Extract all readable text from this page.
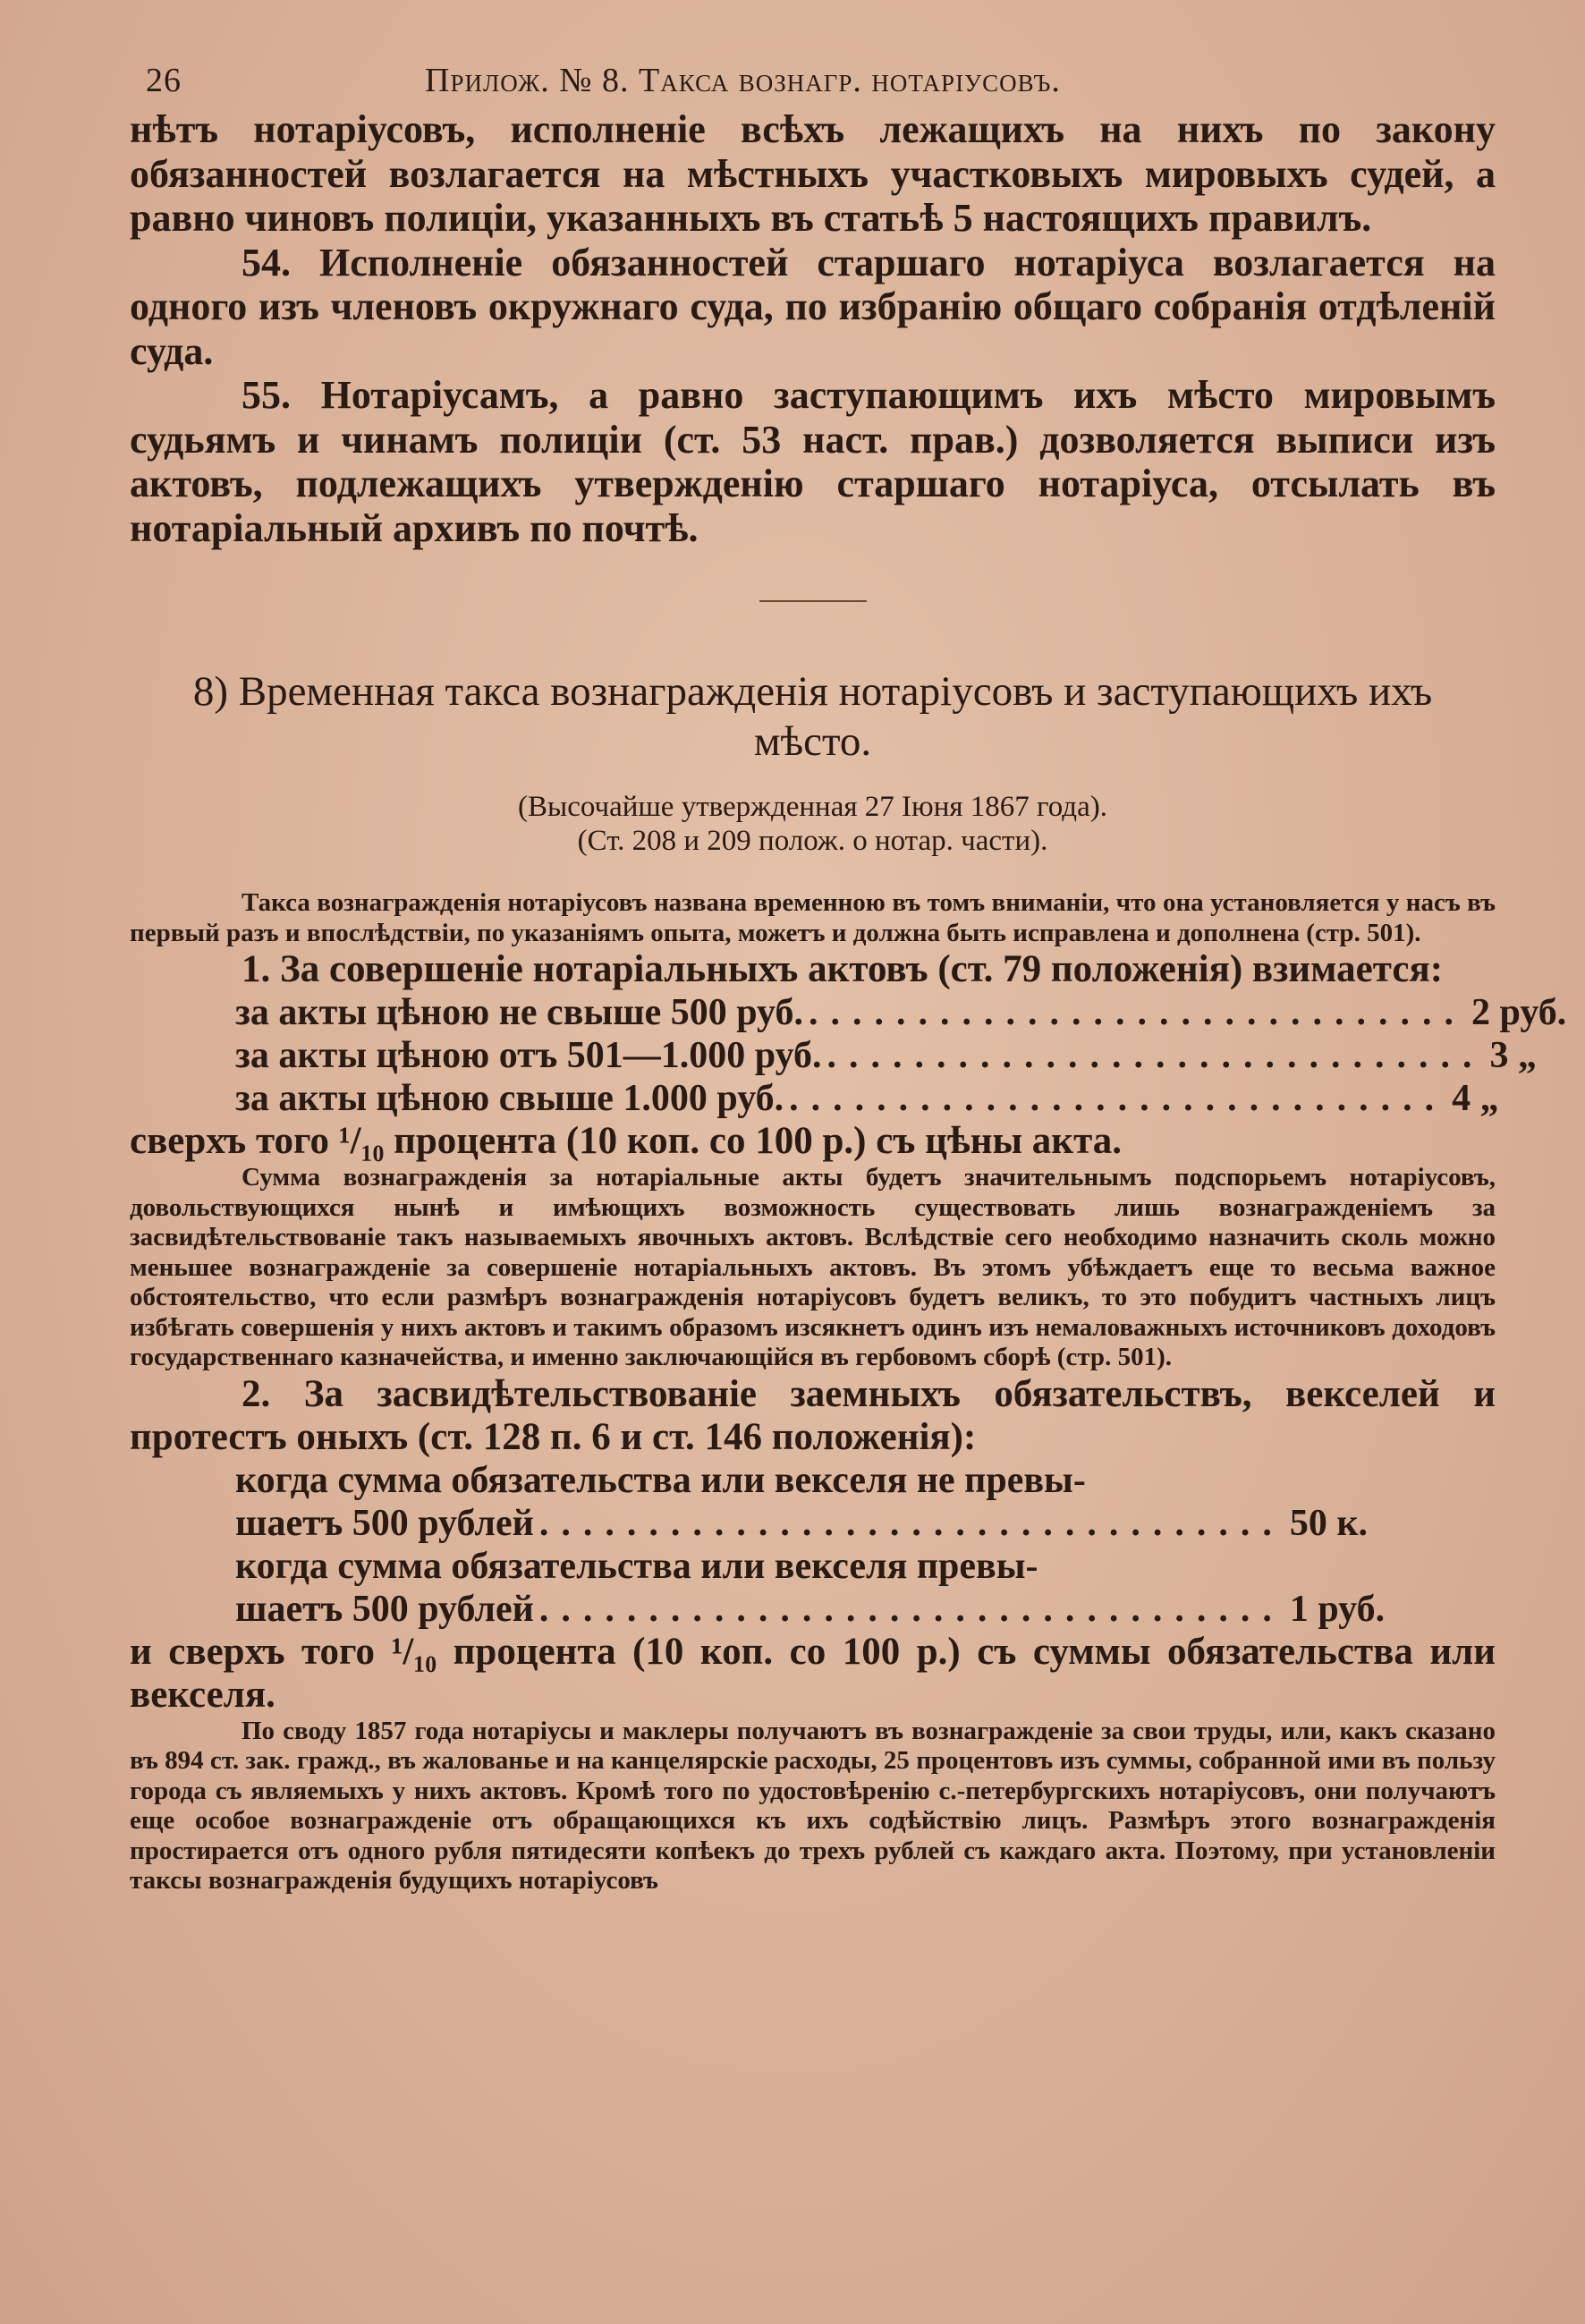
26	Прилож. № 8. Такса вознагр. нотаріусовъ.

нѣтъ нотаріусовъ, исполненіе всѣхъ лежащихъ на нихъ по закону обязанностей возлагается на мѣстныхъ участковыхъ мировыхъ судей, а равно чиновъ полиціи, указанныхъ въ статьѣ 5 настоящихъ правилъ.

54. Исполненіе обязанностей старшаго нотаріуса возлагается на одного изъ членовъ окружнаго суда, по избранію общаго собранія отдѣленій суда.

55. Нотаріусамъ, а равно заступающимъ ихъ мѣсто мировымъ судьямъ и чинамъ полиціи (ст. 53 наст. прав.) дозволяется выписи изъ актовъ, подлежащихъ утвержденію старшаго нотаріуса, отсылать въ нотаріальный архивъ по почтѣ.

8) Временная такса вознагражденія нотаріусовъ и заступающихъ ихъ мѣсто.
(Высочайше утвержденная 27 Іюня 1867 года).
(Ст. 208 и 209 полож. о нотар. части).

Такса вознагражденія нотаріусовъ названа временною въ томъ вниманіи, что она установляется у насъ въ первый разъ и впослѣдствіи, по указаніямъ опыта, можетъ и должна быть исправлена и дополнена (стр. 501).

1. За совершеніе нотаріальныхъ актовъ (ст. 79 положенія) взимается:

за акты цѣною не свыше 500 руб. .............................. 2 руб.
за акты цѣною отъ 501—1.000 руб. .............................. 3 „
за акты цѣною свыше 1.000 руб. .............................. 4 „

сверхъ того ¹/₁₀ процента (10 коп. со 100 р.) съ цѣны акта.

Сумма вознагражденія за нотаріальные акты будетъ значительнымъ подспорьемъ нотаріусовъ, довольствующихся нынѣ и имѣющихъ возможность существовать лишь вознагражденіемъ за засвидѣтельствованіе такъ называемыхъ явочныхъ актовъ. Вслѣдствіе сего необходимо назначить сколь можно меньшее вознагражденіе за совершеніе нотаріальныхъ актовъ. Въ этомъ убѣждаетъ еще то весьма важное обстоятельство, что если размѣръ вознагражденія нотаріусовъ будетъ великъ, то это побудитъ частныхъ лицъ избѣгать совершенія у нихъ актовъ и такимъ образомъ изсякнетъ одинъ изъ немаловажныхъ источниковъ доходовъ государственнаго казначейства, и именно заключающійся въ гербовомъ сборѣ (стр. 501).

2. За засвидѣтельствованіе заемныхъ обязательствъ, векселей и протестъ оныхъ (ст. 128 п. 6 и ст. 146 положенія):

когда сумма обязательства или векселя не превы-
шаетъ 500 рублей .................................. 50 к.
когда сумма обязательства или векселя превы-
шаетъ 500 рублей .................................. 1 руб.

и сверхъ того ¹/₁₀ процента (10 коп. со 100 р.) съ суммы обязательства или векселя.

По своду 1857 года нотаріусы и маклеры получаютъ въ вознагражденіе за свои труды, или, какъ сказано въ 894 ст. зак. гражд., въ жалованье и на канцелярскіе расходы, 25 процентовъ изъ суммы, собранной ими въ пользу города съ являемыхъ у нихъ актовъ. Кромѣ того по удостовѣренію с.-петербургскихъ нотаріусовъ, они получаютъ еще особое вознагражденіе отъ обращающихся къ ихъ содѣйствію лицъ. Размѣръ этого вознагражденія простирается отъ одного рубля пятидесяти копѣекъ до трехъ рублей съ каждаго акта. Поэтому, при установленіи таксы вознагражденія будущихъ нотаріусовъ
